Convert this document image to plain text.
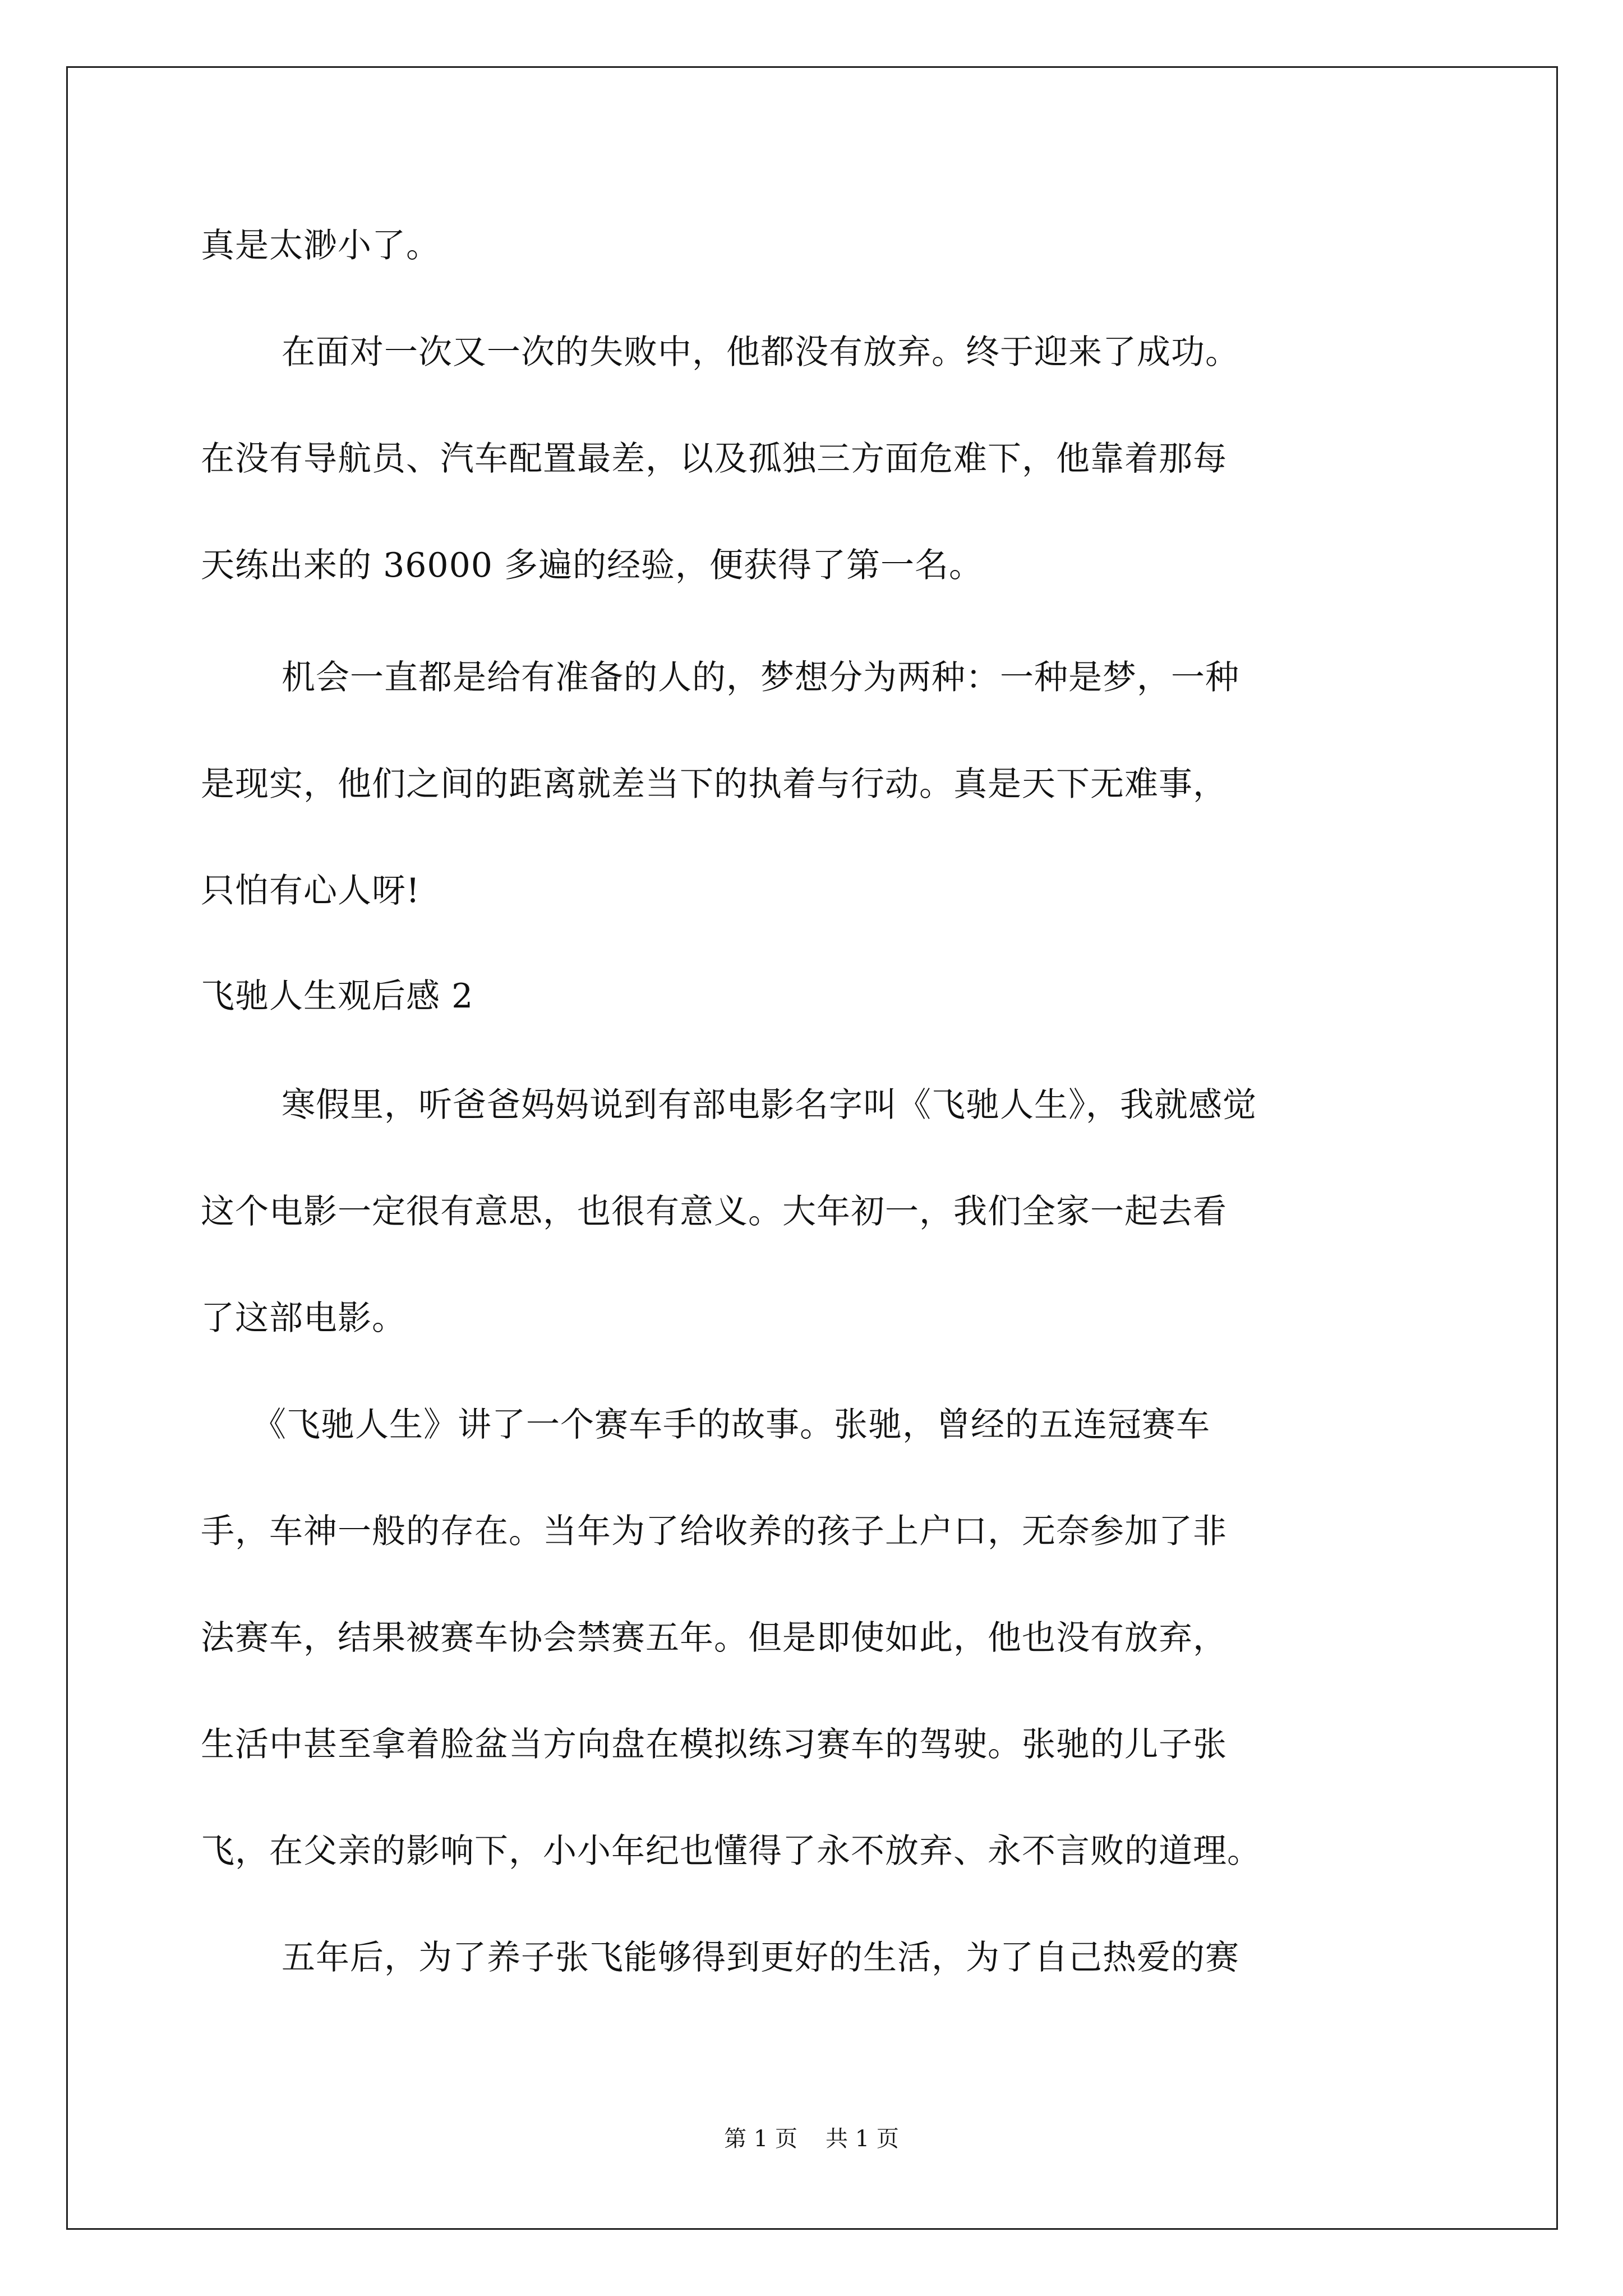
真是太渺小了。
在面对一次又一次的失败中，他都没有放弃。终于迎来了成功。
在没有导航员、汽车配置最差，以及孤独三方面危难下，他靠着那每
天练出来的 36000 多遍的经验，便获得了第一名。
机会一直都是给有准备的人的，梦想分为两种：一种是梦，一种
是现实，他们之间的距离就差当下的执着与行动。真是天下无难事，
只怕有心人呀!
飞驰人生观后感 2
寒假里，听爸爸妈妈说到有部电影名字叫《飞驰人生》，我就感觉
这个电影一定很有意思，也很有意义。大年初一，我们全家一起去看
了这部电影。
《飞驰人生》讲了一个赛车手的故事。张驰，曾经的五连冠赛车
手，车神一般的存在。当年为了给收养的孩子上户口，无奈参加了非
法赛车，结果被赛车协会禁赛五年。但是即使如此，他也没有放弃，
生活中甚至拿着脸盆当方向盘在模拟练习赛车的驾驶。张驰的儿子张
飞，在父亲的影响下，小小年纪也懂得了永不放弃、永不言败的道理。
五年后，为了养子张飞能够得到更好的生活，为了自己热爱的赛
第 1 页 共 1 页
